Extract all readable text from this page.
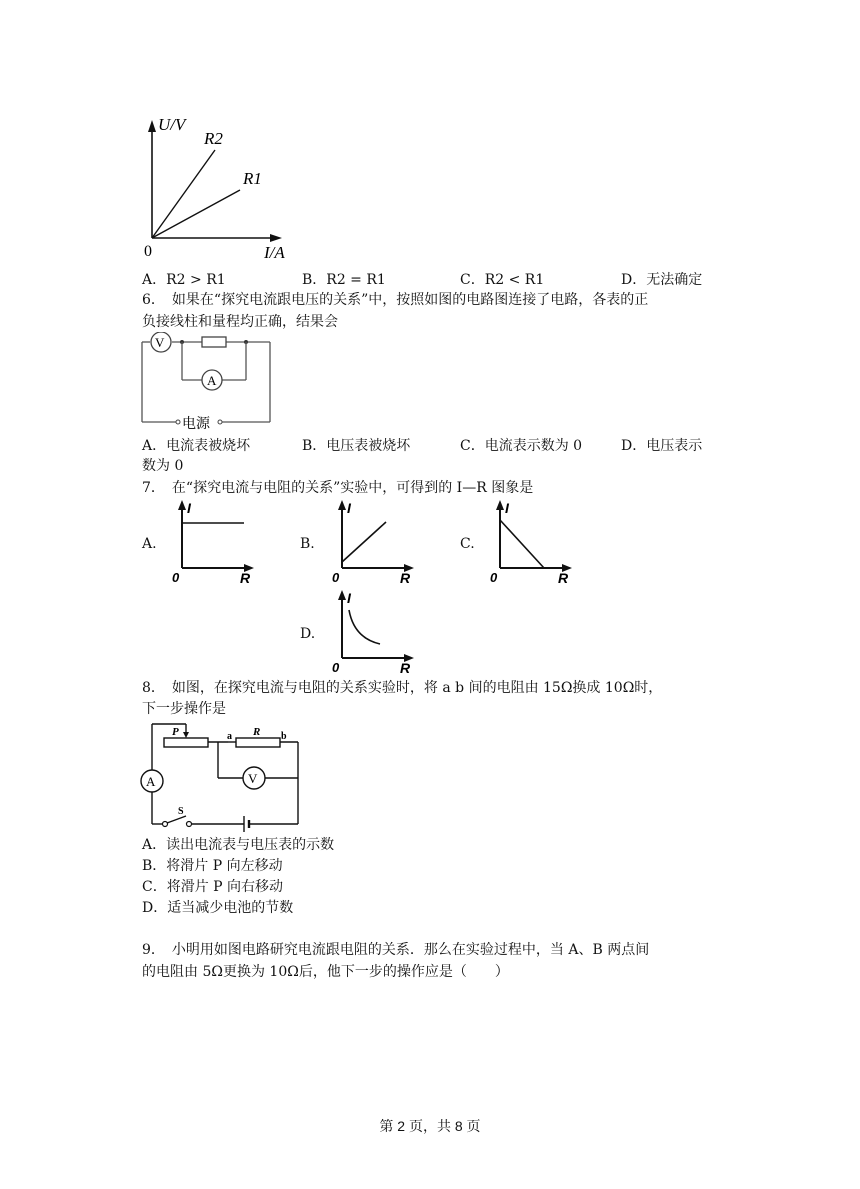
U/V
I/A
0
R2
R1
A．R2 > R1	B．R2 = R1	C．R2 < R1	D．无法确定
6．　如果在“探究电流跟电压的关系”中，按照如图的电路图连接了电路，各表的正
负接线柱和量程均正确，结果会
V
A
电源
A．电流表被烧坏	B．电压表被烧坏	C．电流表示数为 0	D．电压表示
数为 0
7．　在“探究电流与电阻的关系”实验中，可得到的 I—R 图象是
A.
I
R
0
B.
I
R
0
C.
I
R
0
D.
I
R
0
8．　如图，在探究电流与电阻的关系实验时，将 a b 间的电阻由 15Ω换成 10Ω时，
下一步操作是
A
P	a R b
V
S
A．读出电流表与电压表的示数
B．将滑片 P 向左移动
C．将滑片 P 向右移动
D．适当减少电池的节数
9．　小明用如图电路研究电流跟电阻的关系．那么在实验过程中，当 A、B 两点间
的电阻由 5Ω更换为 10Ω后，他下一步的操作应是（　　）
第 2 页，共 8 页
